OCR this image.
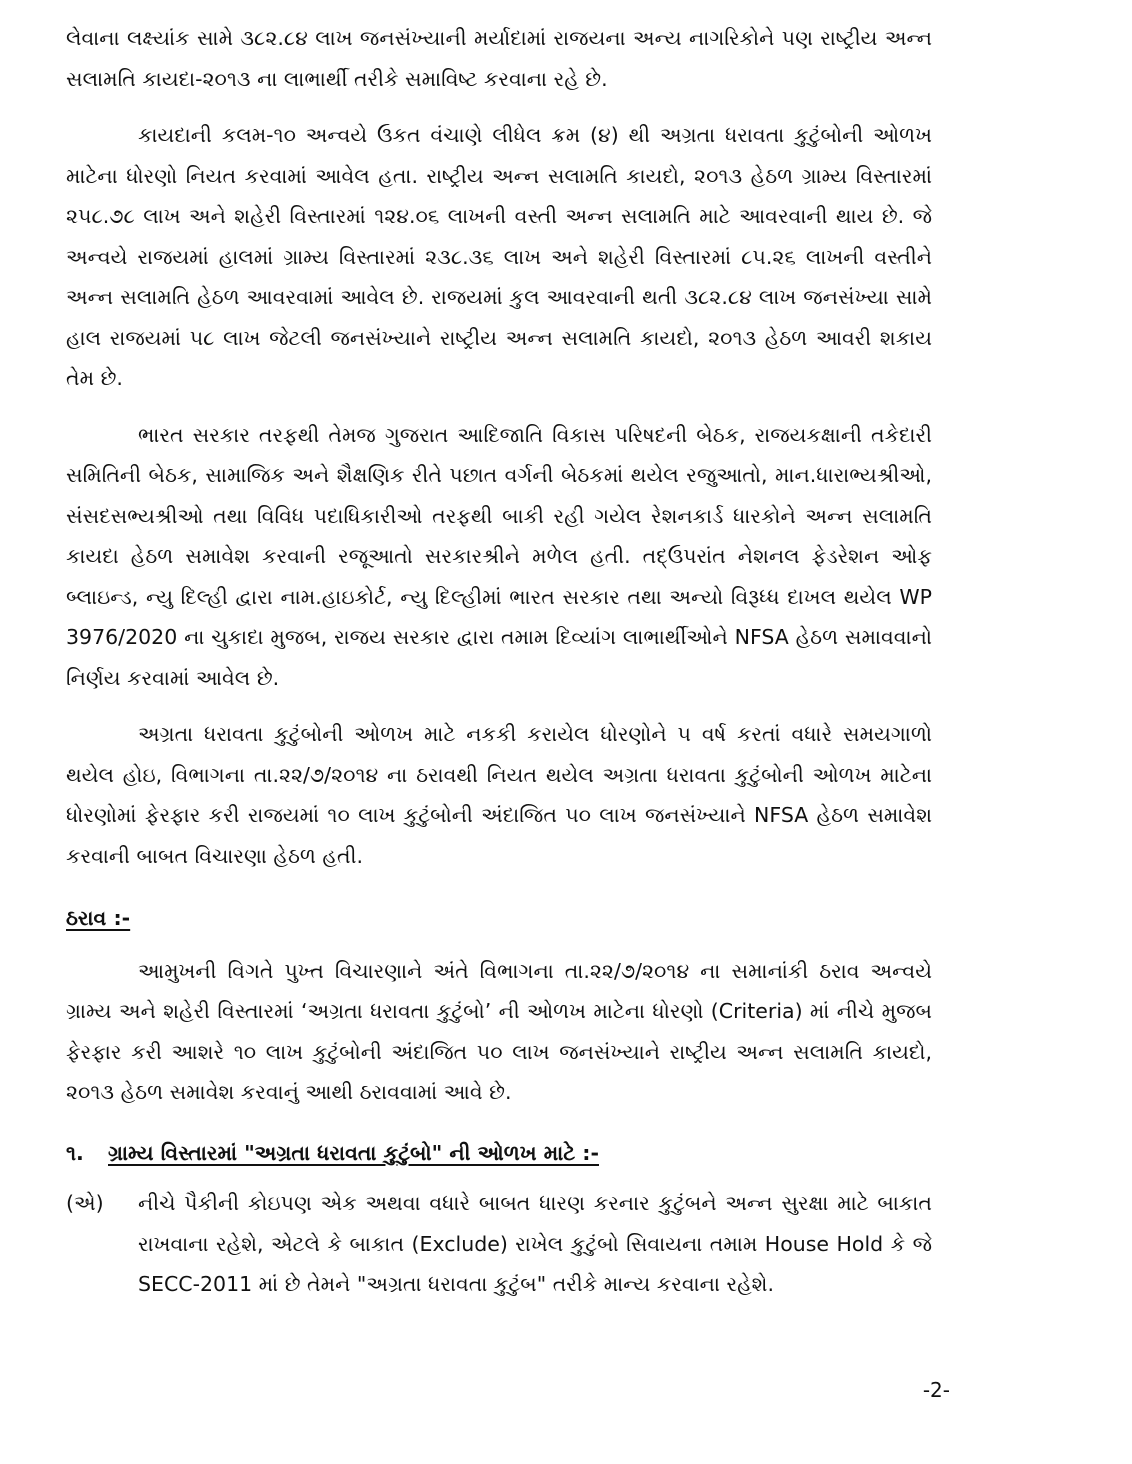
લેવાના લક્ષ્યાંક સામે ૩૮૨.૮૪ લાખ જનસંખ્યાની મર્યાદામાં રાજયના અન્ય નાગરિકોને પણ રાષ્ટ્રીય અન્ન સલામતિ કાયદા-૨૦૧૩ ના લાભાર્થી તરીકે સમાવિષ્ટ કરવાના રહે છે.

કાયદાની કલમ-૧૦ અન્વયે ઉકત વંચાણે લીધેલ ક્રમ (૪) થી અગ્રતા ધરાવતા કુટુંબોની ઓળખ માટેના ધોરણો નિયત કરવામાં આવેલ હતા. રાષ્ટ્રીય અન્ન સલામતિ કાયદો, ૨૦૧૩ હેઠળ ગ્રામ્ય વિસ્તારમાં ૨૫૮.૭૮ લાખ અને શહેરી વિસ્તારમાં ૧૨૪.૦૬ લાખની વસ્તી અન્ન સલામતિ માટે આવરવાની થાય છે. જે અન્વયે રાજયમાં હાલમાં ગ્રામ્ય વિસ્તારમાં ૨૩૮.૩૬ લાખ અને શહેરી વિસ્તારમાં ૮૫.૨૬ લાખની વસ્તીને અન્ન સલામતિ હેઠળ આવરવામાં આવેલ છે. રાજયમાં કુલ આવરવાની થતી ૩૮૨.૮૪ લાખ જનસંખ્યા સામે હાલ રાજયમાં ૫૮ લાખ જેટલી જનસંખ્યાને રાષ્ટ્રીય અન્ન સલામતિ કાયદો, ૨૦૧૩ હેઠળ આવરી શકાય તેમ છે.

ભારત સરકાર તરફથી તેમજ ગુજરાત આદિજાતિ વિકાસ પરિષદની બેઠક, રાજયકક્ષાની તકેદારી સમિતિની બેઠક, સામાજિક અને શૈક્ષણિક રીતે પછાત વર્ગની બેઠકમાં થયેલ રજુઆતો, માન.ધારાભ્યશ્રીઓ, સંસદસભ્યશ્રીઓ તથા વિવિધ પદાધિકારીઓ તરફથી બાકી રહી ગયેલ રેશનકાર્ડ ધારકોને અન્ન સલામતિ કાયદા હેઠળ સમાવેશ કરવાની રજૂઆતો સરકારશ્રીને મળેલ હતી. તદ્ઉપરાંત નેશનલ ફેડરેશન ઓફ બ્લાઇન્ડ, ન્યુ દિલ્હી દ્વારા નામ.હાઇકોર્ટ, ન્યુ દિલ્હીમાં ભારત સરકાર તથા અન્યો વિરૂધ્ધ દાખલ થયેલ WP 3976/2020 ના ચુકાદા મુજબ, રાજય સરકાર દ્વારા તમામ દિવ્યાંગ લાભાર્થીઓને NFSA હેઠળ સમાવવાનો નિર્ણય કરવામાં આવેલ છે.

અગ્રતા ધરાવતા કુટુંબોની ઓળખ માટે નકકી કરાયેલ ધોરણોને ૫ વર્ષ કરતાં વધારે સમયગાળો થયેલ હોઇ, વિભાગના તા.૨૨/૭/૨૦૧૪ ના ઠરાવથી નિયત થયેલ અગ્રતા ધરાવતા કુટુંબોની ઓળખ માટેના ધોરણોમાં ફેરફાર કરી રાજયમાં ૧૦ લાખ કુટુંબોની અંદાજિત ૫૦ લાખ જનસંખ્યાને NFSA હેઠળ સમાવેશ કરવાની બાબત વિચારણા હેઠળ હતી.

ઠરાવ :-

આમુખની વિગતે પુખ્ત વિચારણાને અંતે વિભાગના તા.૨૨/૭/૨૦૧૪ ના સમાનાંકી ઠરાવ અન્વયે ગ્રામ્ય અને શહેરી વિસ્તારમાં ‘અગ્રતા ધરાવતા કુટુંબો’ ની ઓળખ માટેના ધોરણો (Criteria) માં નીચે મુજબ ફેરફાર કરી આશરે ૧૦ લાખ કુટુંબોની અંદાજિત ૫૦ લાખ જનસંખ્યાને રાષ્ટ્રીય અન્ન સલામતિ કાયદો, ૨૦૧૩ હેઠળ સમાવેશ કરવાનું આથી ઠરાવવામાં આવે છે.

૧. ગ્રામ્ય વિસ્તારમાં "અગ્રતા ધરાવતા કુટુંબો" ની ઓળખ માટે :-

(એ)	નીચે પૈકીની કોઇપણ એક અથવા વધારે બાબત ધારણ કરનાર કુટુંબને અન્ન સુરક્ષા માટે બાકાત રાખવાના રહેશે, એટલે કે બાકાત (Exclude) રાખેલ કુટુંબો સિવાયના તમામ House Hold કે જે SECC-2011 માં છે તેમને "અગ્રતા ધરાવતા કુટુંબ" તરીકે માન્ય કરવાના રહેશે.
-2-
